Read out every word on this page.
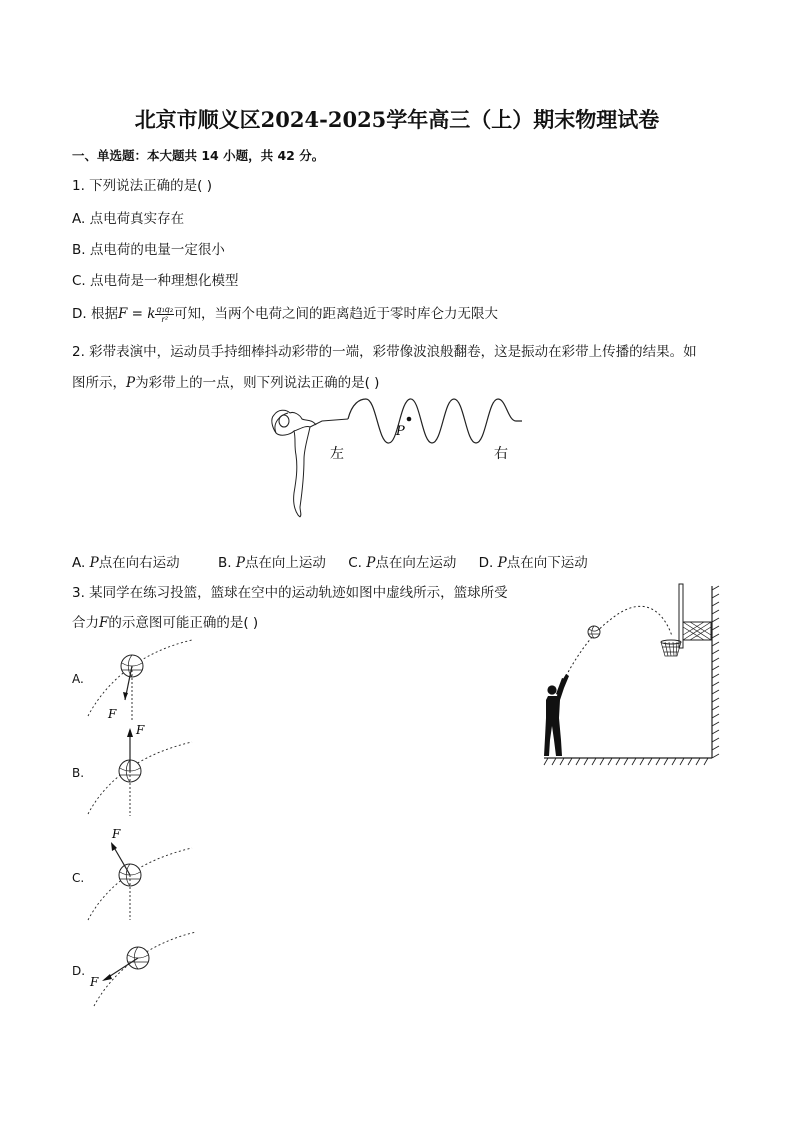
北京市顺义区2024-2025学年高三（上）期末物理试卷
一、单选题：本大题共 14 小题，共 42 分。
1. 下列说法正确的是( )
A. 点电荷真实存在
B. 点电荷的电量一定很小
C. 点电荷是一种理想化模型
D. 根据F = k $\frac{\text{q₁q₂}}{\text{r²}}$ 可知，当两个电荷之间的距离趋近于零时库仑力无限大
2. 彩带表演中，运动员手持细棒抖动彩带的一端，彩带像波浪般翻卷，这是振动在彩带上传播的结果。如
图所示，P为彩带上的一点，则下列说法正确的是( )
P
左	右
A. P点在向右运动	B. P点在向上运动 C. P点在向左运动 D. P点在向下运动
3. 某同学在练习投篮，篮球在空中的运动轨迹如图中虚线所示，篮球所受
合力F的示意图可能正确的是( )
A.
F
B.
F
C.
F
D.
F
